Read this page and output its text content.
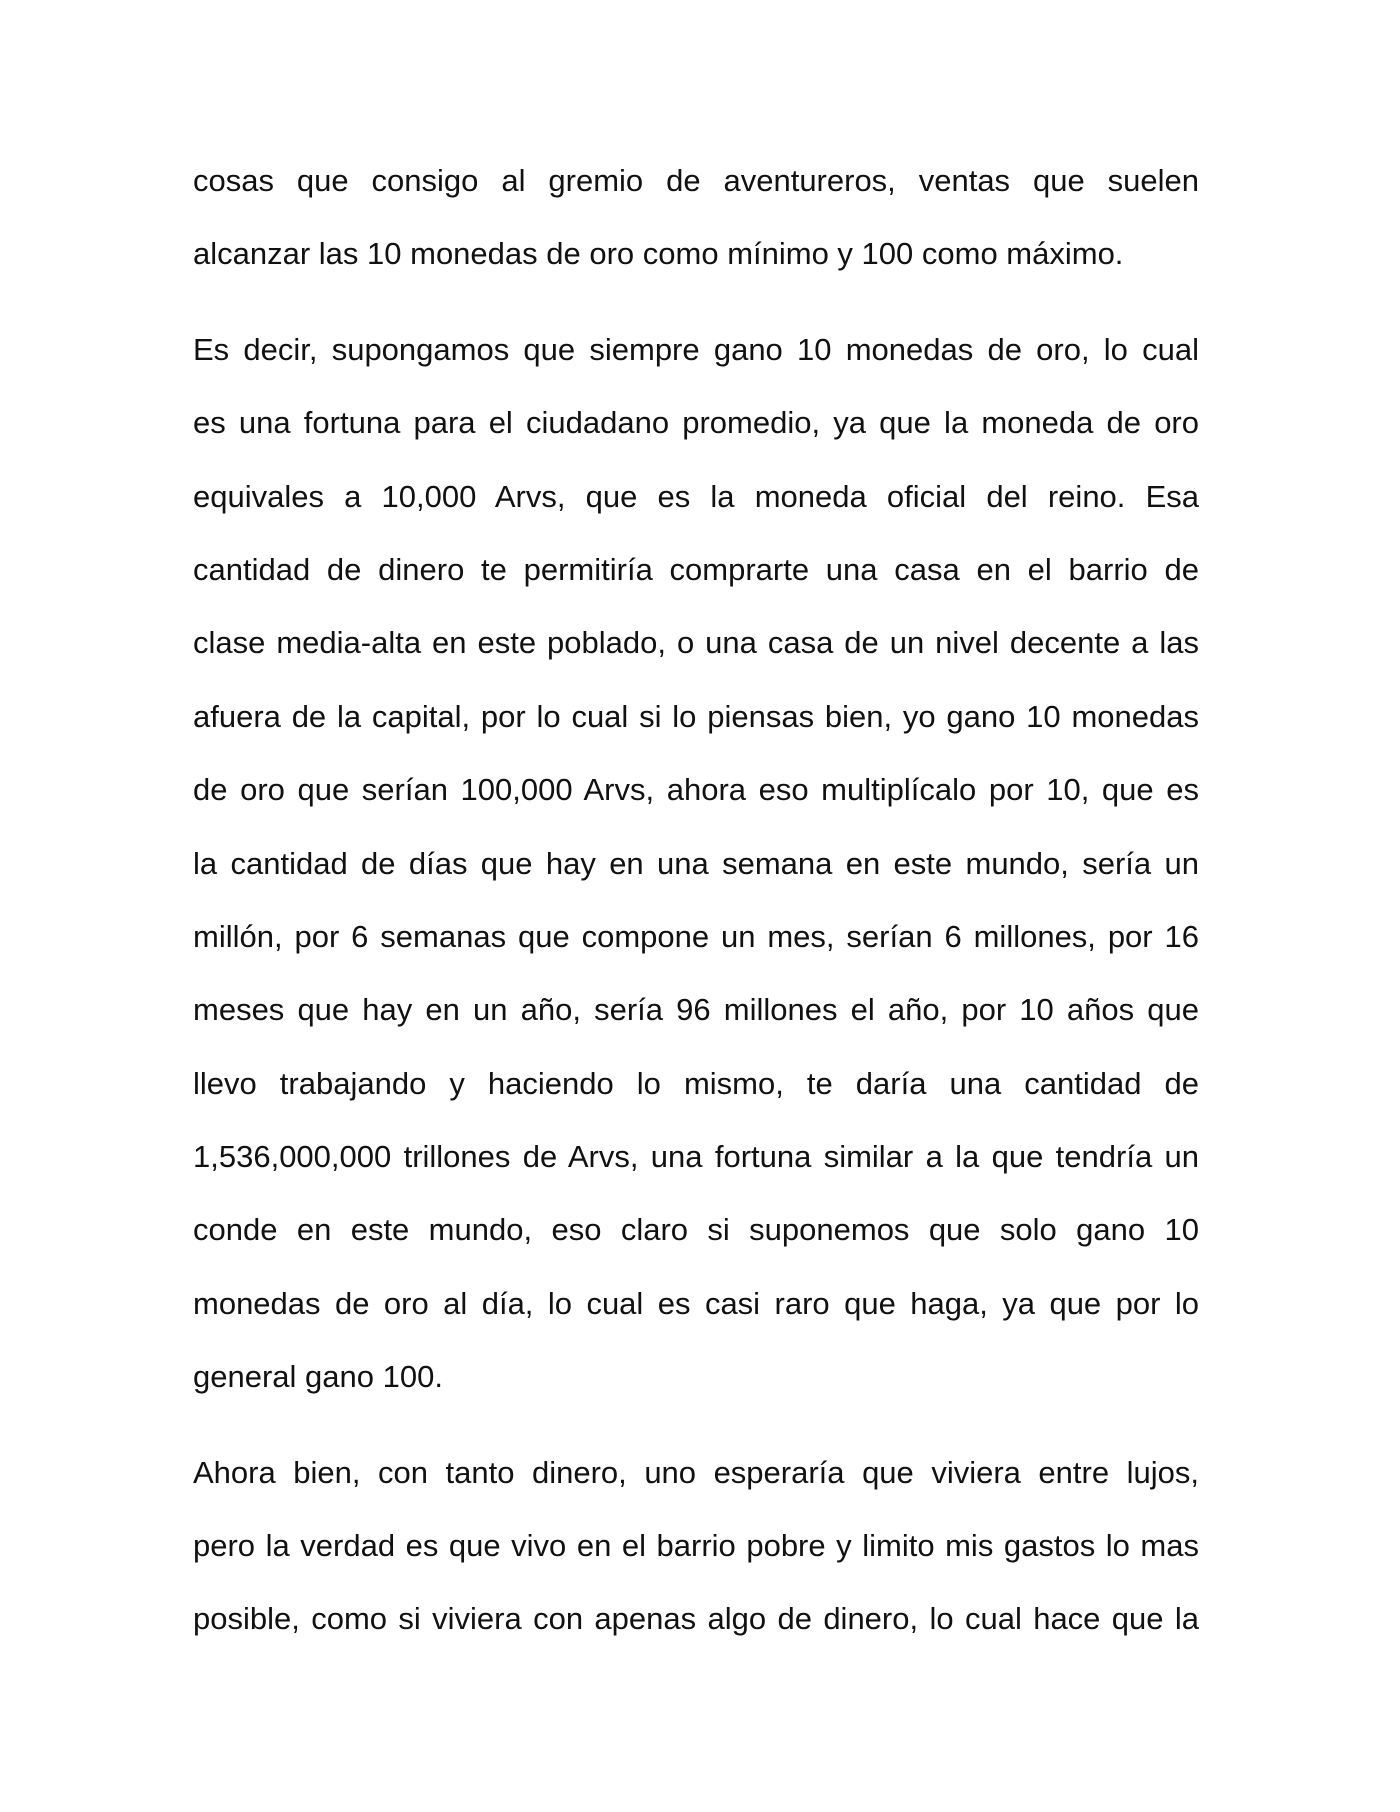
cosas que consigo al gremio de aventureros, ventas que suelen
alcanzar las 10 monedas de oro como mínimo y 100 como máximo.
Es decir, supongamos que siempre gano 10 monedas de oro, lo cual
es una fortuna para el ciudadano promedio, ya que la moneda de oro
equivales a 10,000 Arvs, que es la moneda oficial del reino. Esa
cantidad de dinero te permitiría comprarte una casa en el barrio de
clase media-alta en este poblado, o una casa de un nivel decente a las
afuera de la capital, por lo cual si lo piensas bien, yo gano 10 monedas
de oro que serían 100,000 Arvs, ahora eso multiplícalo por 10, que es
la cantidad de días que hay en una semana en este mundo, sería un
millón, por 6 semanas que compone un mes, serían 6 millones, por 16
meses que hay en un año, sería 96 millones el año, por 10 años que
llevo trabajando y haciendo lo mismo, te daría una cantidad de
1,536,000,000 trillones de Arvs, una fortuna similar a la que tendría un
conde en este mundo, eso claro si suponemos que solo gano 10
monedas de oro al día, lo cual es casi raro que haga, ya que por lo
general gano 100.
Ahora bien, con tanto dinero, uno esperaría que viviera entre lujos,
pero la verdad es que vivo en el barrio pobre y limito mis gastos lo mas
posible, como si viviera con apenas algo de dinero, lo cual hace que la
